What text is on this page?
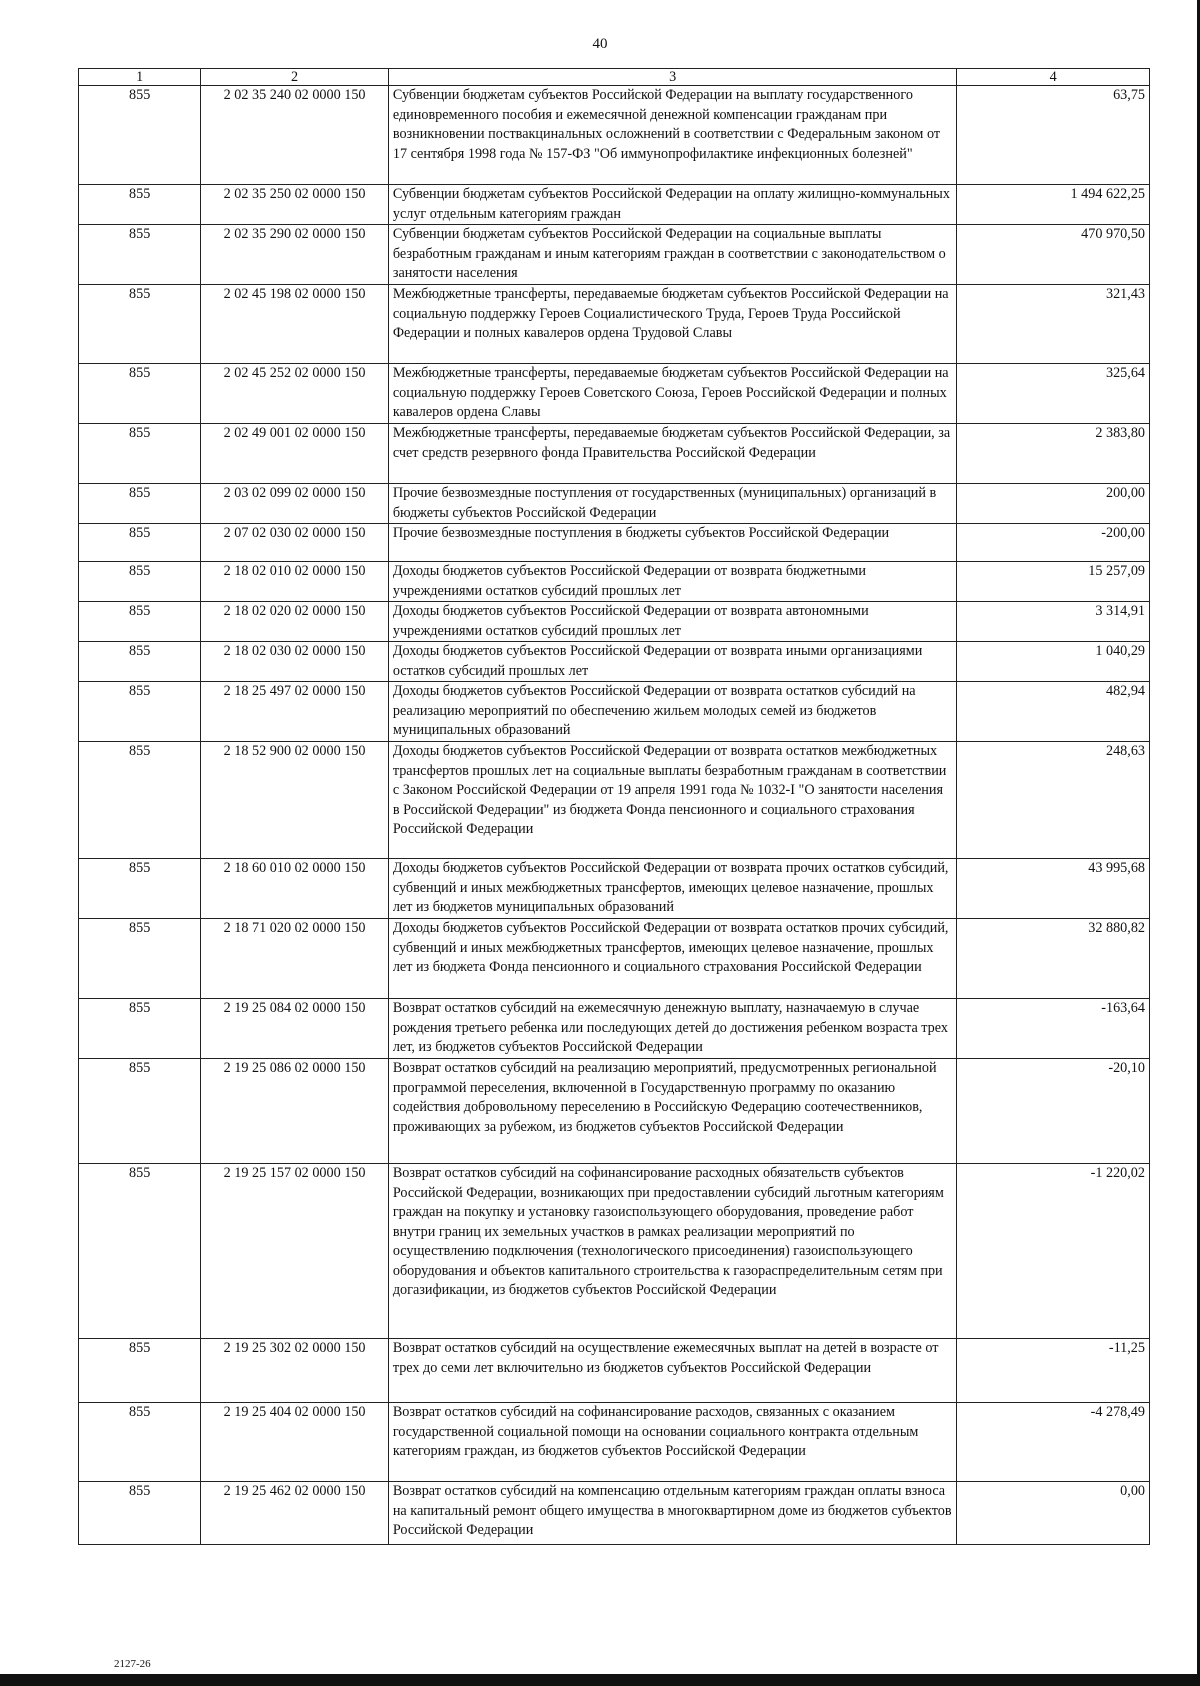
40
1	2	3	4
855	2 02 35 240 02 0000 150	Субвенции бюджетам субъектов Российской Федерации на выплату государственного единовременного пособия и ежемесячной денежной компенсации гражданам при возникновении поствакцинальных осложнений в соответствии с Федеральным законом от 17 сентября 1998 года № 157-ФЗ "Об иммунопрофилактике инфекционных болезней"	63,75
855	2 02 35 250 02 0000 150	Субвенции бюджетам субъектов Российской Федерации на оплату жилищно-коммунальных услуг отдельным категориям граждан	1 494 622,25
855	2 02 35 290 02 0000 150	Субвенции бюджетам субъектов Российской Федерации на социальные выплаты безработным гражданам и иным категориям граждан в соответствии с законодательством о занятости населения	470 970,50
855	2 02 45 198 02 0000 150	Межбюджетные трансферты, передаваемые бюджетам субъектов Российской Федерации на социальную поддержку Героев Социалистического Труда, Героев Труда Российской Федерации и полных кавалеров ордена Трудовой Славы	321,43
855	2 02 45 252 02 0000 150	Межбюджетные трансферты, передаваемые бюджетам субъектов Российской Федерации на социальную поддержку Героев Советского Союза, Героев Российской Федерации и полных кавалеров ордена Славы	325,64
855	2 02 49 001 02 0000 150	Межбюджетные трансферты, передаваемые бюджетам субъектов Российской Федерации, за счет средств резервного фонда Правительства Российской Федерации	2 383,80
855	2 03 02 099 02 0000 150	Прочие безвозмездные поступления от государственных (муниципальных) организаций в бюджеты субъектов Российской Федерации	200,00
855	2 07 02 030 02 0000 150	Прочие безвозмездные поступления в бюджеты субъектов Российской Федерации	-200,00
855	2 18 02 010 02 0000 150	Доходы бюджетов субъектов Российской Федерации от возврата бюджетными учреждениями остатков субсидий прошлых лет	15 257,09
855	2 18 02 020 02 0000 150	Доходы бюджетов субъектов Российской Федерации от возврата автономными учреждениями остатков субсидий прошлых лет	3 314,91
855	2 18 02 030 02 0000 150	Доходы бюджетов субъектов Российской Федерации от возврата иными организациями остатков субсидий прошлых лет	1 040,29
855	2 18 25 497 02 0000 150	Доходы бюджетов субъектов Российской Федерации от возврата остатков субсидий на реализацию мероприятий по обеспечению жильем молодых семей из бюджетов муниципальных образований	482,94
855	2 18 52 900 02 0000 150	Доходы бюджетов субъектов Российской Федерации от возврата остатков межбюджетных трансфертов прошлых лет на социальные выплаты безработным гражданам в соответствии с Законом Российской Федерации от 19 апреля 1991 года № 1032-I "О занятости населения в Российской Федерации" из бюджета Фонда пенсионного и социального страхования Российской Федерации	248,63
855	2 18 60 010 02 0000 150	Доходы бюджетов субъектов Российской Федерации от возврата прочих остатков субсидий, субвенций и иных межбюджетных трансфертов, имеющих целевое назначение, прошлых лет из бюджетов муниципальных образований	43 995,68
855	2 18 71 020 02 0000 150	Доходы бюджетов субъектов Российской Федерации от возврата остатков прочих субсидий, субвенций и иных межбюджетных трансфертов, имеющих целевое назначение, прошлых лет из бюджета Фонда пенсионного и социального страхования Российской Федерации	32 880,82
855	2 19 25 084 02 0000 150	Возврат остатков субсидий на ежемесячную денежную выплату, назначаемую в случае рождения третьего ребенка или последующих детей до достижения ребенком возраста трех лет, из бюджетов субъектов Российской Федерации	-163,64
855	2 19 25 086 02 0000 150	Возврат остатков субсидий на реализацию мероприятий, предусмотренных региональной программой переселения, включенной в Государственную программу по оказанию содействия добровольному переселению в Российскую Федерацию соотечественников, проживающих за рубежом, из бюджетов субъектов Российской Федерации	-20,10
855	2 19 25 157 02 0000 150	Возврат остатков субсидий на софинансирование расходных обязательств субъектов Российской Федерации, возникающих при предоставлении субсидий льготным категориям граждан на покупку и установку газоиспользующего оборудования, проведение работ внутри границ их земельных участков в рамках реализации мероприятий по осуществлению подключения (технологического присоединения) газоиспользующего оборудования и объектов капитального строительства к газораспределительным сетям при догазификации, из бюджетов субъектов Российской Федерации	-1 220,02
855	2 19 25 302 02 0000 150	Возврат остатков субсидий на осуществление ежемесячных выплат на детей в возрасте от трех до семи лет включительно из бюджетов субъектов Российской Федерации	-11,25
855	2 19 25 404 02 0000 150	Возврат остатков субсидий на софинансирование расходов, связанных с оказанием государственной социальной помощи на основании социального контракта отдельным категориям граждан, из бюджетов субъектов Российской Федерации	-4 278,49
855	2 19 25 462 02 0000 150	Возврат остатков субсидий на компенсацию отдельным категориям граждан оплаты взноса на капитальный ремонт общего имущества в многоквартирном доме из бюджетов субъектов Российской Федерации	0,00
2127-26
